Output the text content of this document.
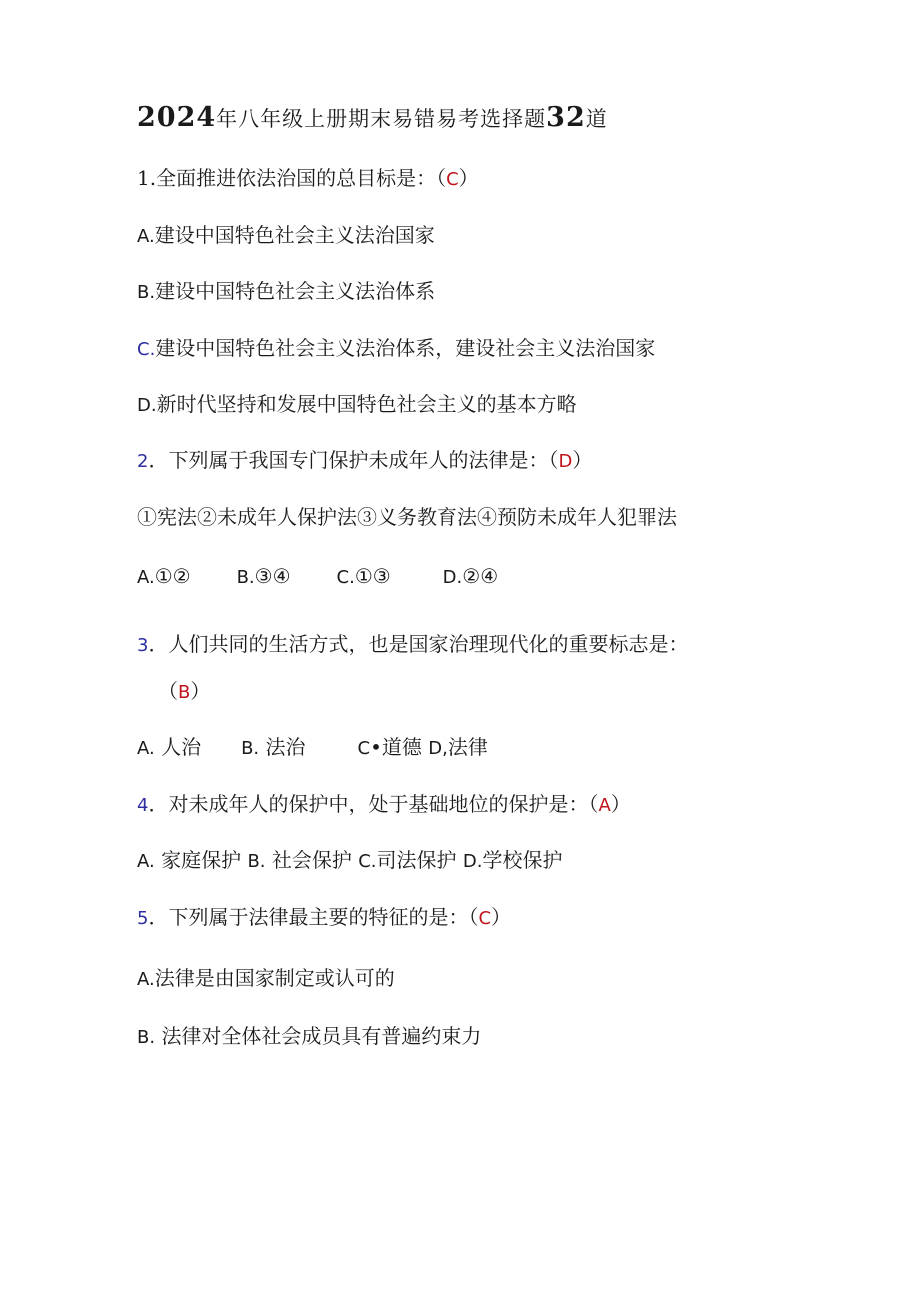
2024年八年级上册期末易错易考选择题32道
1.全面推进依法治国的总目标是：（C）
A.建设中国特色社会主义法治国家
B.建设中国特色社会主义法治体系
C.建设中国特色社会主义法治体系，建设社会主义法治国家
D.新时代坚持和发展中国特色社会主义的基本方略
2．下列属于我国专门保护未成年人的法律是：（D）
①宪法②未成年人保护法③义务教育法④预防未成年人犯罪法
A.①②	B.③④	C.①③	D.②④
3．人们共同的生活方式，也是国家治理现代化的重要标志是：
（B）
A. 人治 B. 法治	C•道德 D,法律
4．对未成年人的保护中，处于基础地位的保护是：（A）
A. 家庭保护 B. 社会保护 C.司法保护 D.学校保护
5．下列属于法律最主要的特征的是：（C）
A.法律是由国家制定或认可的
B. 法律对全体社会成员具有普遍约束力
